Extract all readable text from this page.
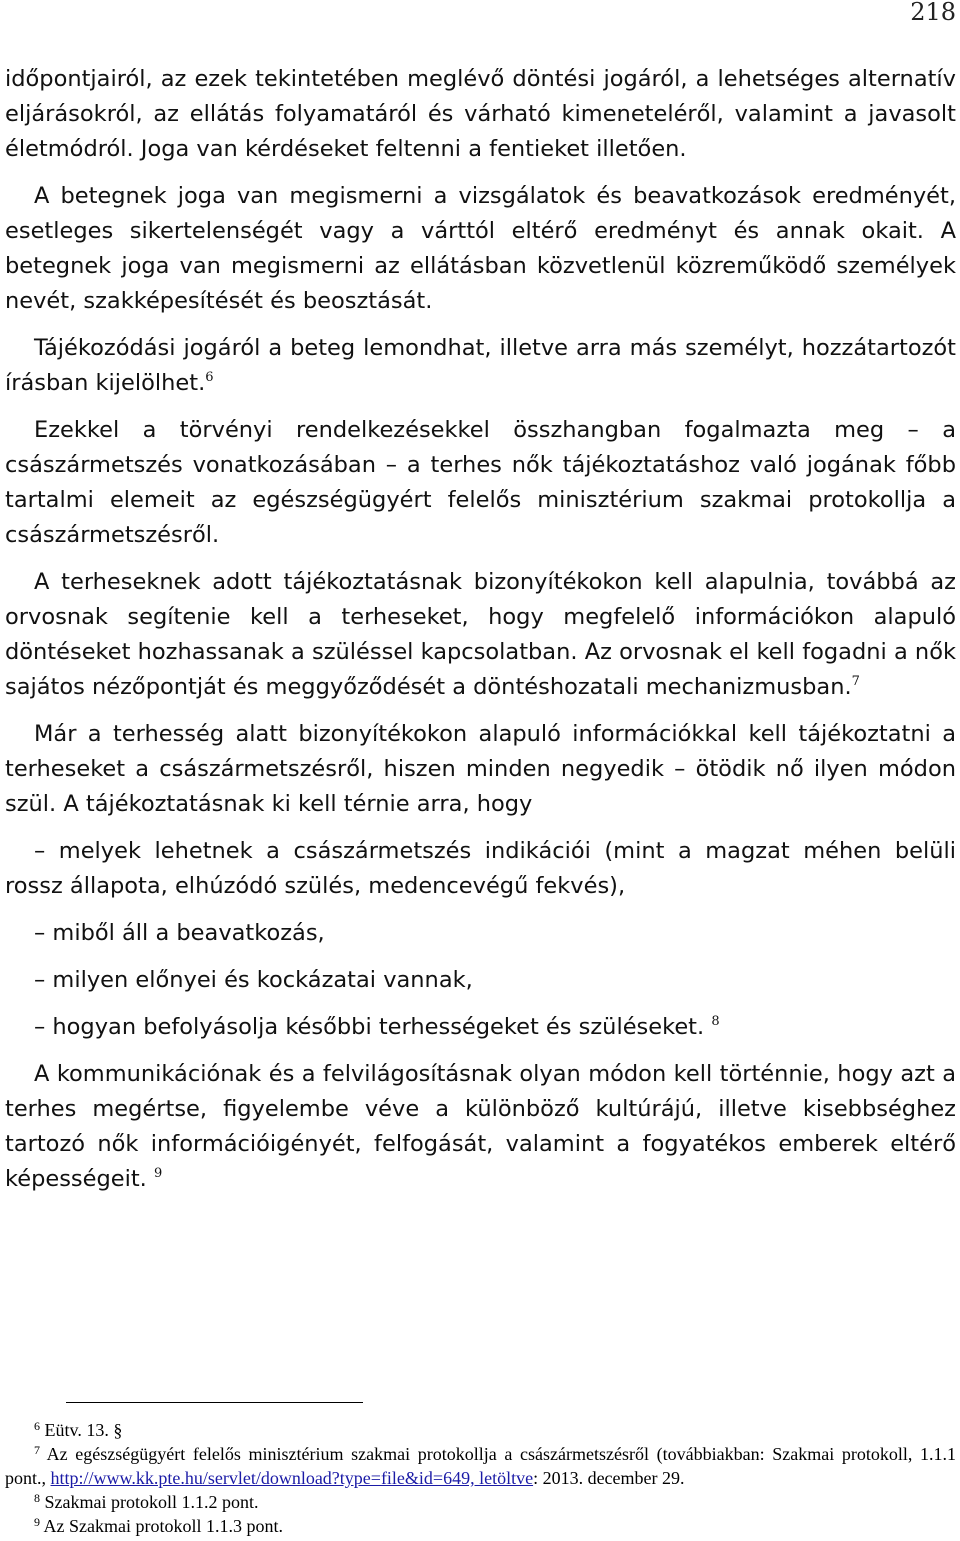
218

időpontjairól, az ezek tekintetében meglévő döntési jogáról, a lehetséges alternatív eljárásokról, az ellátás folyamatáról és várható kimeneteléről, valamint a javasolt életmódról. Joga van kérdéseket feltenni a fentieket illetően.

A betegnek joga van megismerni a vizsgálatok és beavatkozások eredményét, esetleges sikertelenségét vagy a várttól eltérő eredményt és annak okait. A betegnek joga van megismerni az ellátásban közvetlenül közreműködő személyek nevét, szakképesítését és beosztását.

Tájékozódási jogáról a beteg lemondhat, illetve arra más személyt, hozzátartozót írásban kijelölhet.$^6$

Ezekkel a törvényi rendelkezésekkel összhangban fogalmazta meg – a császármetszés vonatkozásában – a terhes nők tájékoztatáshoz való jogának főbb tartalmi elemeit az egészségügyért felelős minisztérium szakmai protokollja a császármetszésről.

A terheseknek adott tájékoztatásnak bizonyítékokon kell alapulnia, továbbá az orvosnak segítenie kell a terheseket, hogy megfelelő információkon alapuló döntéseket hozhassanak a szüléssel kapcsolatban. Az orvosnak el kell fogadni a nők sajátos nézőpontját és meggyőződését a döntéshozatali mechanizmusban.$^7$

Már a terhesség alatt bizonyítékokon alapuló információkkal kell tájékoztatni a terheseket a császármetszésről, hiszen minden negyedik – ötödik nő ilyen módon szül. A tájékoztatásnak ki kell térnie arra, hogy

– melyek lehetnek a császármetszés indikációi (mint a magzat méhen belüli rossz állapota, elhúzódó szülés, medencevégű fekvés),

– miből áll a beavatkozás,

– milyen előnyei és kockázatai vannak,

– hogyan befolyásolja későbbi terhességeket és szüléseket. $^8$

A kommunikációnak és a felvilágosításnak olyan módon kell történnie, hogy azt a terhes megértse, figyelembe véve a különböző kultúrájú, illetve kisebbséghez tartozó nők információigényét, felfogását, valamint a fogyatékos emberek eltérő képességeit. $^9$

$^6$ Eütv. 13. §

$^7$ Az egészségügyért felelős minisztérium szakmai protokollja a császármetszésről (továbbiakban: Szakmai protokoll, 1.1.1 pont., http://www.kk.pte.hu/servlet/download?type=file&id=649, letöltve: 2013. december 29.

$^8$ Szakmai protokoll 1.1.2 pont.

$^9$ Az Szakmai protokoll 1.1.3 pont.
